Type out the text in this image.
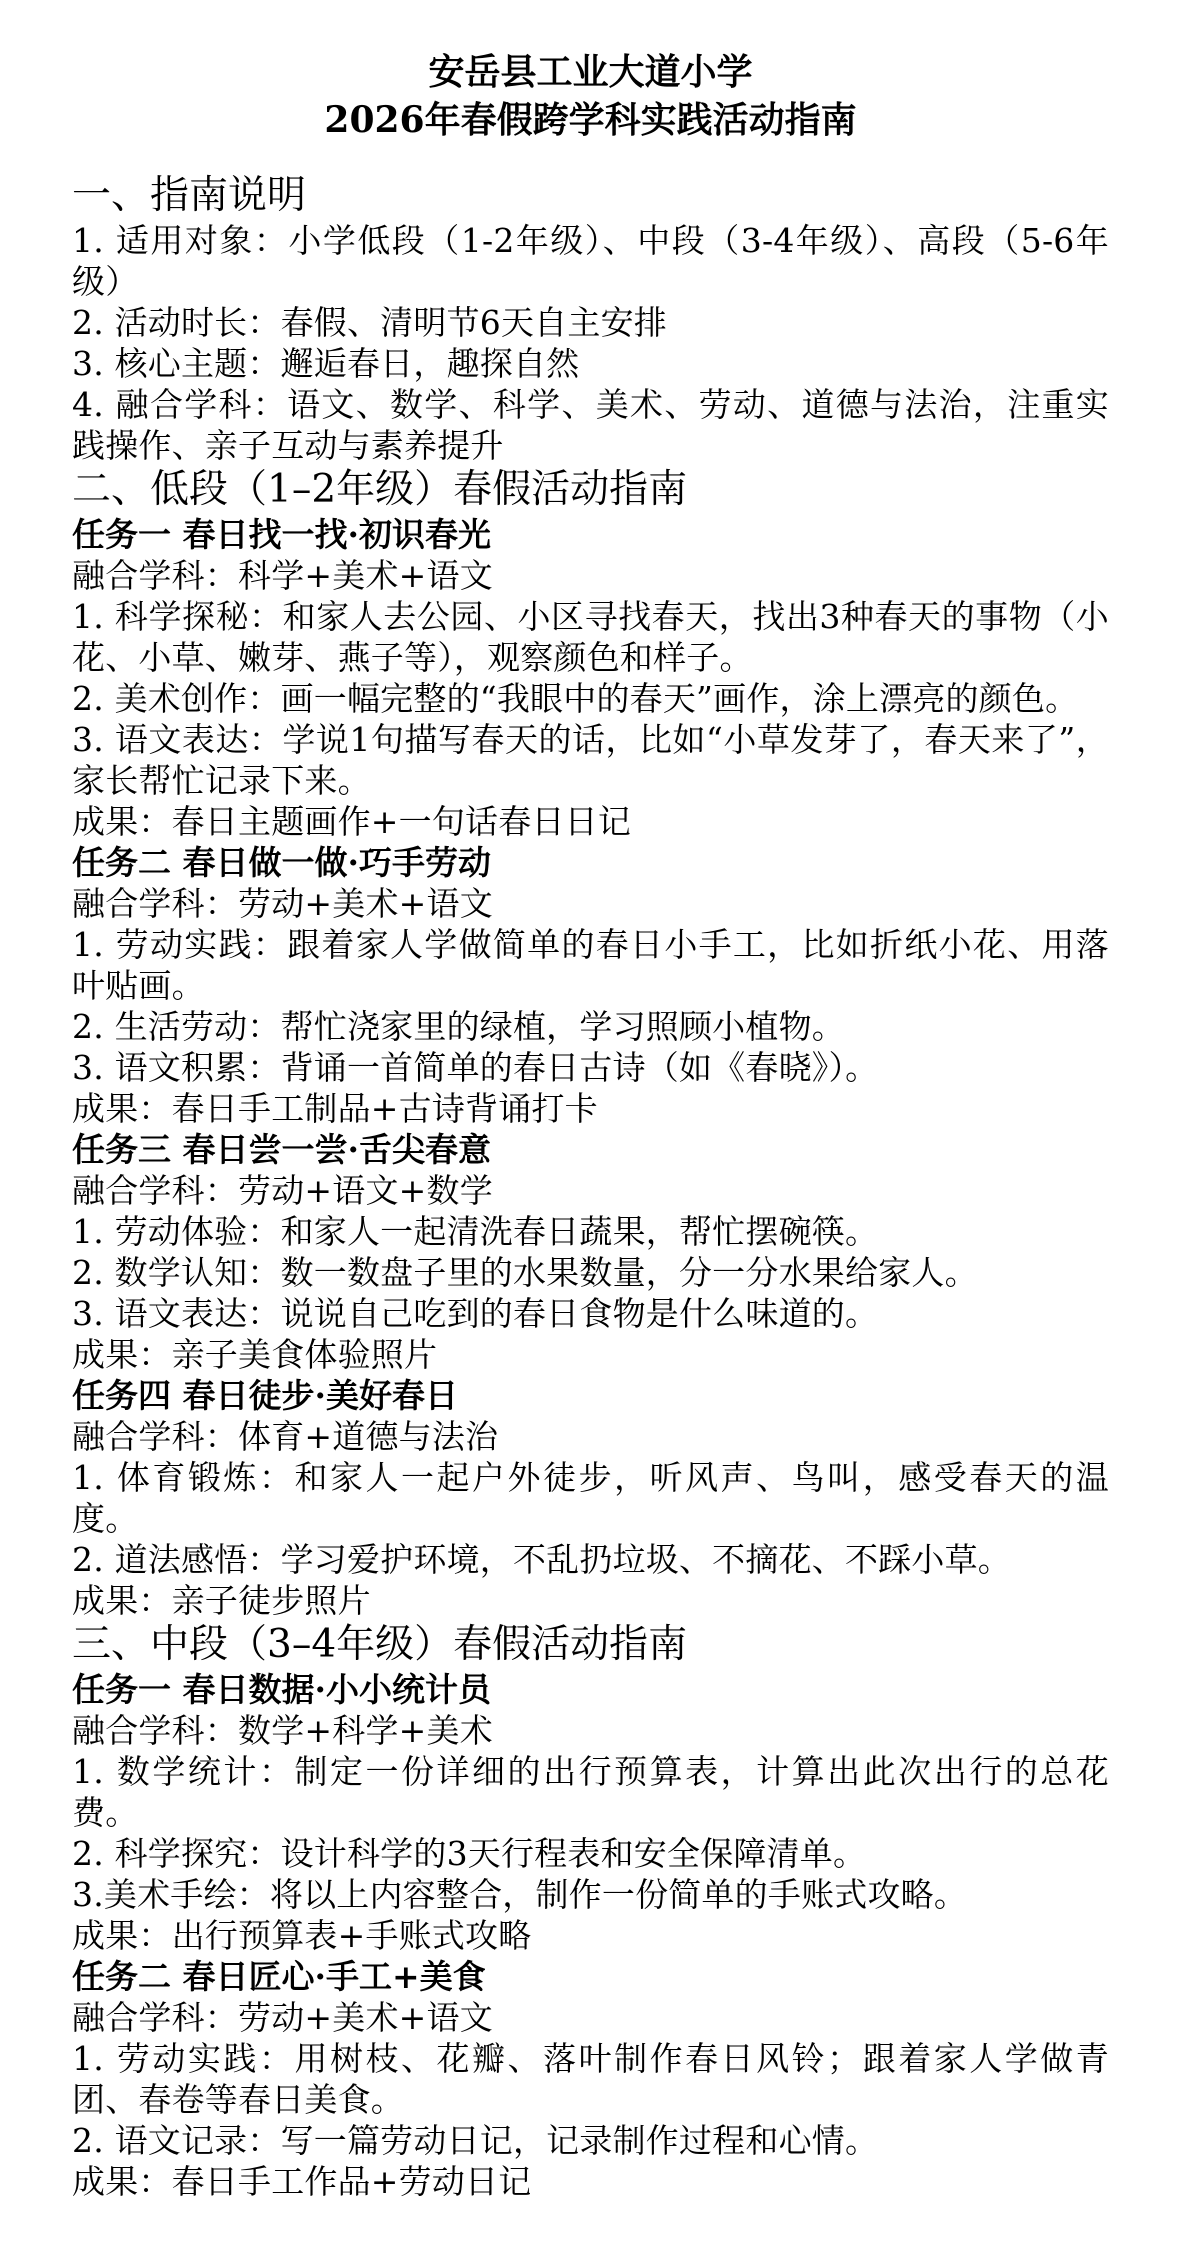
安岳县工业大道小学
2026年春假跨学科实践活动指南
一、指南说明

1. 适用对象：小学低段（1-2年级）、中段（3-4年级）、高段（5-6年级）

2. 活动时长：春假、清明节6天自主安排

3. 核心主题：邂逅春日，趣探自然

4. 融合学科：语文、数学、科学、美术、劳动、道德与法治，注重实践操作、亲子互动与素养提升

二、低段（1–2年级）春假活动指南
任务一 春日找一找·初识春光

融合学科：科学+美术+语文

1. 科学探秘：和家人去公园、小区寻找春天，找出3种春天的事物（小花、小草、嫩芽、燕子等），观察颜色和样子。

2. 美术创作：画一幅完整的“我眼中的春天”画作，涂上漂亮的颜色。

3. 语文表达：学说1句描写春天的话，比如“小草发芽了，春天来了”，家长帮忙记录下来。

成果：春日主题画作+一句话春日日记

任务二 春日做一做·巧手劳动

融合学科：劳动+美术+语文

1. 劳动实践：跟着家人学做简单的春日小手工，比如折纸小花、用落叶贴画。

2. 生活劳动：帮忙浇家里的绿植，学习照顾小植物。

3. 语文积累：背诵一首简单的春日古诗（如《春晓》）。

成果：春日手工制品+古诗背诵打卡

任务三 春日尝一尝·舌尖春意

融合学科：劳动+语文+数学

1. 劳动体验：和家人一起清洗春日蔬果，帮忙摆碗筷。

2. 数学认知：数一数盘子里的水果数量，分一分水果给家人。

3. 语文表达：说说自己吃到的春日食物是什么味道的。

成果：亲子美食体验照片

任务四 春日徒步·美好春日

融合学科：体育+道德与法治

1. 体育锻炼：和家人一起户外徒步，听风声、鸟叫，感受春天的温度。

2. 道法感悟：学习爱护环境，不乱扔垃圾、不摘花、不踩小草。

成果：亲子徒步照片

三、中段（3–4年级）春假活动指南
任务一 春日数据·小小统计员

融合学科：数学+科学+美术

1. 数学统计：制定一份详细的出行预算表，计算出此次出行的总花费。

2. 科学探究：设计科学的3天行程表和安全保障清单。

3.美术手绘：将以上内容整合，制作一份简单的手账式攻略。

成果：出行预算表+手账式攻略

任务二 春日匠心·手工+美食

融合学科：劳动+美术+语文

1. 劳动实践：用树枝、花瓣、落叶制作春日风铃；跟着家人学做青团、春卷等春日美食。

2. 语文记录：写一篇劳动日记，记录制作过程和心情。

成果：春日手工作品+劳动日记
